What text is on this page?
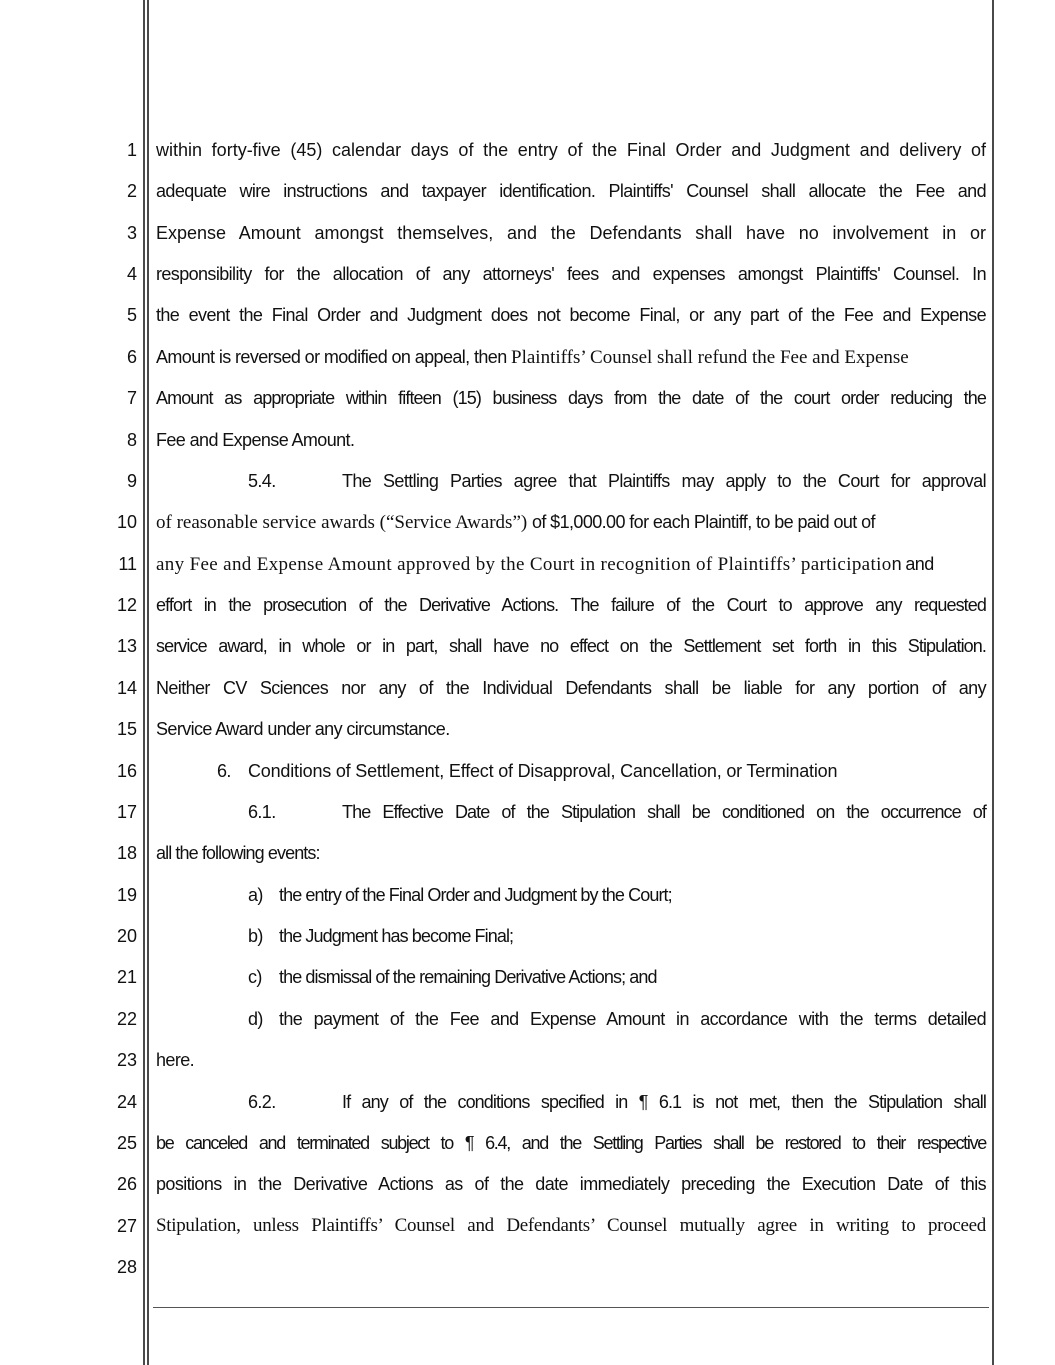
1
2
3
4
5
6
7
8
9
10
11
12
13
14
15
16
17
18
19
20
21
22
23
24
25
26
27
28
within forty-five (45) calendar days of the entry of the Final Order and Judgment and delivery of
adequate wire instructions and taxpayer identification. Plaintiffs' Counsel shall allocate the Fee and
Expense Amount amongst themselves, and the Defendants shall have no involvement in or
responsibility for the allocation of any attorneys' fees and expenses amongst Plaintiffs' Counsel. In
the event the Final Order and Judgment does not become Final, or any part of the Fee and Expense
Amount is reversed or modified on appeal, then Plaintiffs’ Counsel shall refund the Fee and Expense
Amount as appropriate within fifteen (15) business days from the date of the court order reducing the
Fee and Expense Amount.
5.4.	The Settling Parties agree that Plaintiffs may apply to the Court for approval
of reasonable service awards (“Service Awards”) of $1,000.00 for each Plaintiff, to be paid out of
any Fee and Expense Amount approved by the Court in recognition of Plaintiffs’ participation and
effort in the prosecution of the Derivative Actions. The failure of the Court to approve any requested
service award, in whole or in part, shall have no effect on the Settlement set forth in this Stipulation.
Neither CV Sciences nor any of the Individual Defendants shall be liable for any portion of any
Service Award under any circumstance.
6. Conditions of Settlement, Effect of Disapproval, Cancellation, or Termination
6.1.	The Effective Date of the Stipulation shall be conditioned on the occurrence of
all the following events:
a) the entry of the Final Order and Judgment by the Court;
b) the Judgment has become Final;
c) the dismissal of the remaining Derivative Actions; and
d) the payment of the Fee and Expense Amount in accordance with the terms detailed
here.
6.2.	If any of the conditions specified in ¶ 6.1 is not met, then the Stipulation shall
be canceled and terminated subject to ¶ 6.4, and the Settling Parties shall be restored to their respective
positions in the Derivative Actions as of the date immediately preceding the Execution Date of this
Stipulation, unless Plaintiffs’ Counsel and Defendants’ Counsel mutually agree in writing to proceed
